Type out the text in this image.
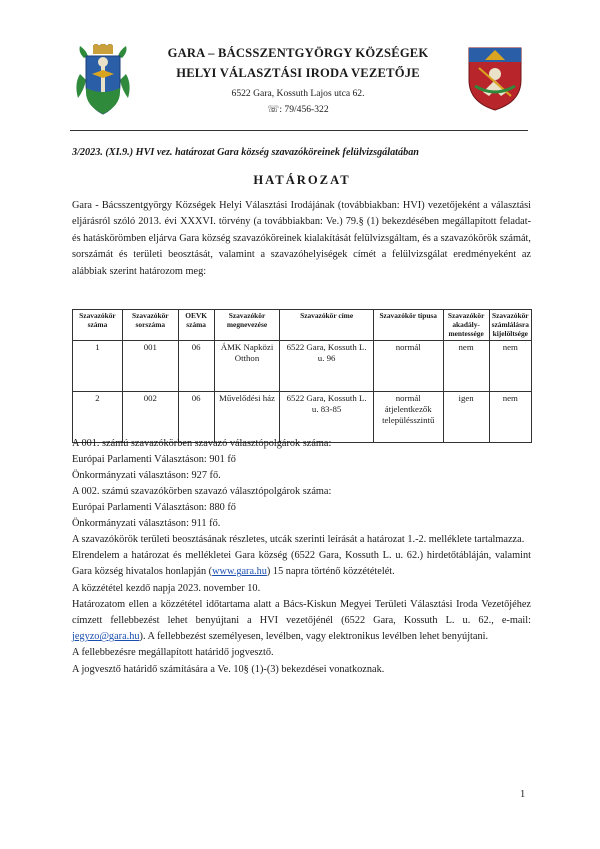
GARA – BÁCSSZENTGYÖRGY KÖZSÉGEK
HELYI VÁLASZTÁSI IRODA VEZETŐJE
6522 Gara, Kossuth Lajos utca 62.
☏: 79/456-322
3/2023. (XI.9.) HVI vez. határozat Gara község szavazóköreinek felülvizsgálatában
HATÁROZAT
Gara - Bácsszentgyörgy Községek Helyi Választási Irodájának (továbbiakban: HVI) vezetőjeként a választási eljárásról szóló 2013. évi XXXVI. törvény (a továbbiakban: Ve.) 79.§ (1) bekezdésében megállapított feladat- és hatáskörömben eljárva Gara község szavazóköreinek kialakítását felülvizsgáltam, és a szavazókörök számát, sorszámát és területi beosztását, valamint a szavazóhelyiségek címét a felülvizsgálat eredményeként az alábbiak szerint határozom meg:
Szavazókör száma	Szavazókör sorszáma	OEVK száma	Szavazókör megnevezése	Szavazókör címe	Szavazókör típusa	Szavazókör akadály-mentessége	Szavazókör számlálásra kijelöltsége
1	001	06	ÁMK Napközi Otthon	6522 Gara, Kossuth L. u. 96	normál	nem	nem
2	002	06	Művelődési ház	6522 Gara, Kossuth L. u. 83-85	normál átjelentkezők településszintű	igen	nem

A 001. számú szavazókörben szavazó választópolgárok száma:

Európai Parlamenti Választáson: 901 fő

Önkormányzati választáson: 927 fő.

A 002. számú szavazókörben szavazó választópolgárok száma:

Európai Parlamenti Választáson: 880 fő

Önkormányzati választáson: 911 fő.

A szavazókörök területi beosztásának részletes, utcák szerinti leírását a határozat 1.-2. melléklete tartalmazza.

Elrendelem a határozat és mellékletei Gara község (6522 Gara, Kossuth L. u. 62.) hirdetőtábláján, valamint Gara község hivatalos honlapján (www.gara.hu) 15 napra történő közzétételét.

A közzététel kezdő napja 2023. november 10.

Határozatom ellen a közzététel időtartama alatt a Bács-Kiskun Megyei Területi Választási Iroda Vezetőjéhez címzett fellebbezést lehet benyújtani a HVI vezetőjénél (6522 Gara, Kossuth L. u. 62., e-mail: jegyzo@gara.hu). A fellebbezést személyesen, levélben, vagy elektronikus levélben lehet benyújtani.

A fellebbezésre megállapított határidő jogvesztő.

A jogvesztő határidő számítására a Ve. 10§ (1)-(3) bekezdései vonatkoznak.

1
